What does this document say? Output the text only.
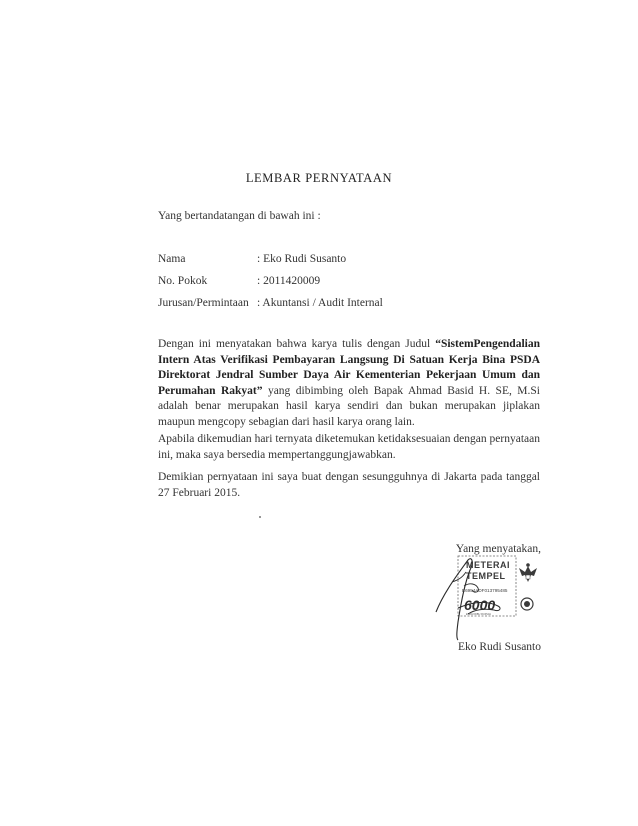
LEMBAR PERNYATAAN
Yang bertandatangan di bawah ini :
Nama	: Eko Rudi Susanto
No. Pokok	: 2011420009
Jurusan/Permintaan : Akuntansi / Audit Internal

Dengan ini menyatakan bahwa karya tulis dengan Judul “SistemPengendalian Intern Atas Verifikasi Pembayaran Langsung Di Satuan Kerja Bina PSDA Direktorat Jendral Sumber Daya Air Kementerian Pekerjaan Umum dan Perumahan Rakyat” yang dibimbing oleh Bapak Ahmad Basid H. SE, M.Si adalah benar merupakan hasil karya sendiri dan bukan merupakan jiplakan maupun mengcopy sebagian dari hasil karya orang lain.

Apabila dikemudian hari ternyata diketemukan ketidaksesuaian dengan pernyataan ini, maka saya bersedia mempertanggungjawabkan.

Demikian pernyataan ini saya buat dengan sesungguhnya di Jakarta pada tanggal 27 Februari 2015.

Yang menyatakan,
METERAI
TEMPEL
E6954ADF013795485
6000
ENAM RIBU RUPIAH
Eko Rudi Susanto
